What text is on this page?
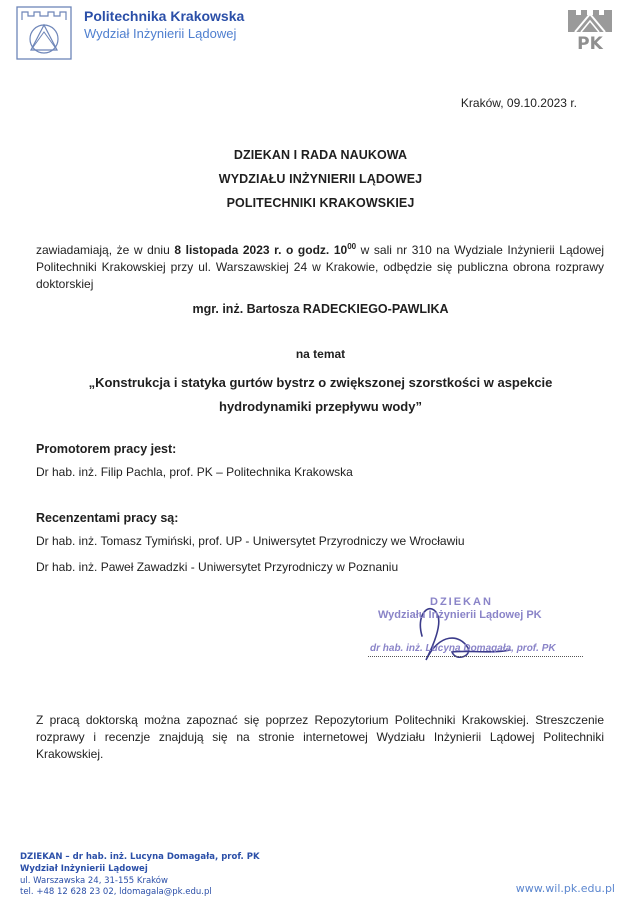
Politechnika Krakowska
Wydział Inżynierii Lądowej
PK
Kraków, 09.10.2023 r.
DZIEKAN I RADA NAUKOWA
WYDZIAŁU INŻYNIERII LĄDOWEJ
POLITECHNIKI KRAKOWSKIEJ
zawiadamiają, że w dniu 8 listopada 2023 r. o godz. $10^{00}$ w sali nr 310 na Wydziale Inżynierii Lądowej Politechniki Krakowskiej przy ul. Warszawskiej 24 w Krakowie, odbędzie się publiczna obrona rozprawy doktorskiej
mgr. inż. Bartosza RADECKIEGO-PAWLIKA
na temat
„Konstrukcja i statyka gurtów bystrz o zwiększonej szorstkości w aspekcie hydrodynamiki przepływu wody”
Promotorem pracy jest:
Dr hab. inż. Filip Pachla, prof. PK – Politechnika Krakowska
Recenzentami pracy są:
Dr hab. inż. Tomasz Tymiński, prof. UP - Uniwersytet Przyrodniczy we Wrocławiu
Dr hab. inż. Paweł Zawadzki - Uniwersytet Przyrodniczy w Poznaniu
DZIEKAN
Wydziału Inżynierii Lądowej PK
dr hab. inż. Lucyna Domagała, prof. PK
Z pracą doktorską można zapoznać się poprzez Repozytorium Politechniki Krakowskiej. Streszczenie rozprawy i recenzje znajdują się na stronie internetowej Wydziału Inżynierii Lądowej Politechniki Krakowskiej.
DZIEKAN – dr hab. inż. Lucyna Domagała, prof. PK
Wydział Inżynierii Lądowej
ul. Warszawska 24, 31-155 Kraków
tel. +48 12 628 23 02, ldomagala@pk.edu.pl	www.wil.pk.edu.pl
